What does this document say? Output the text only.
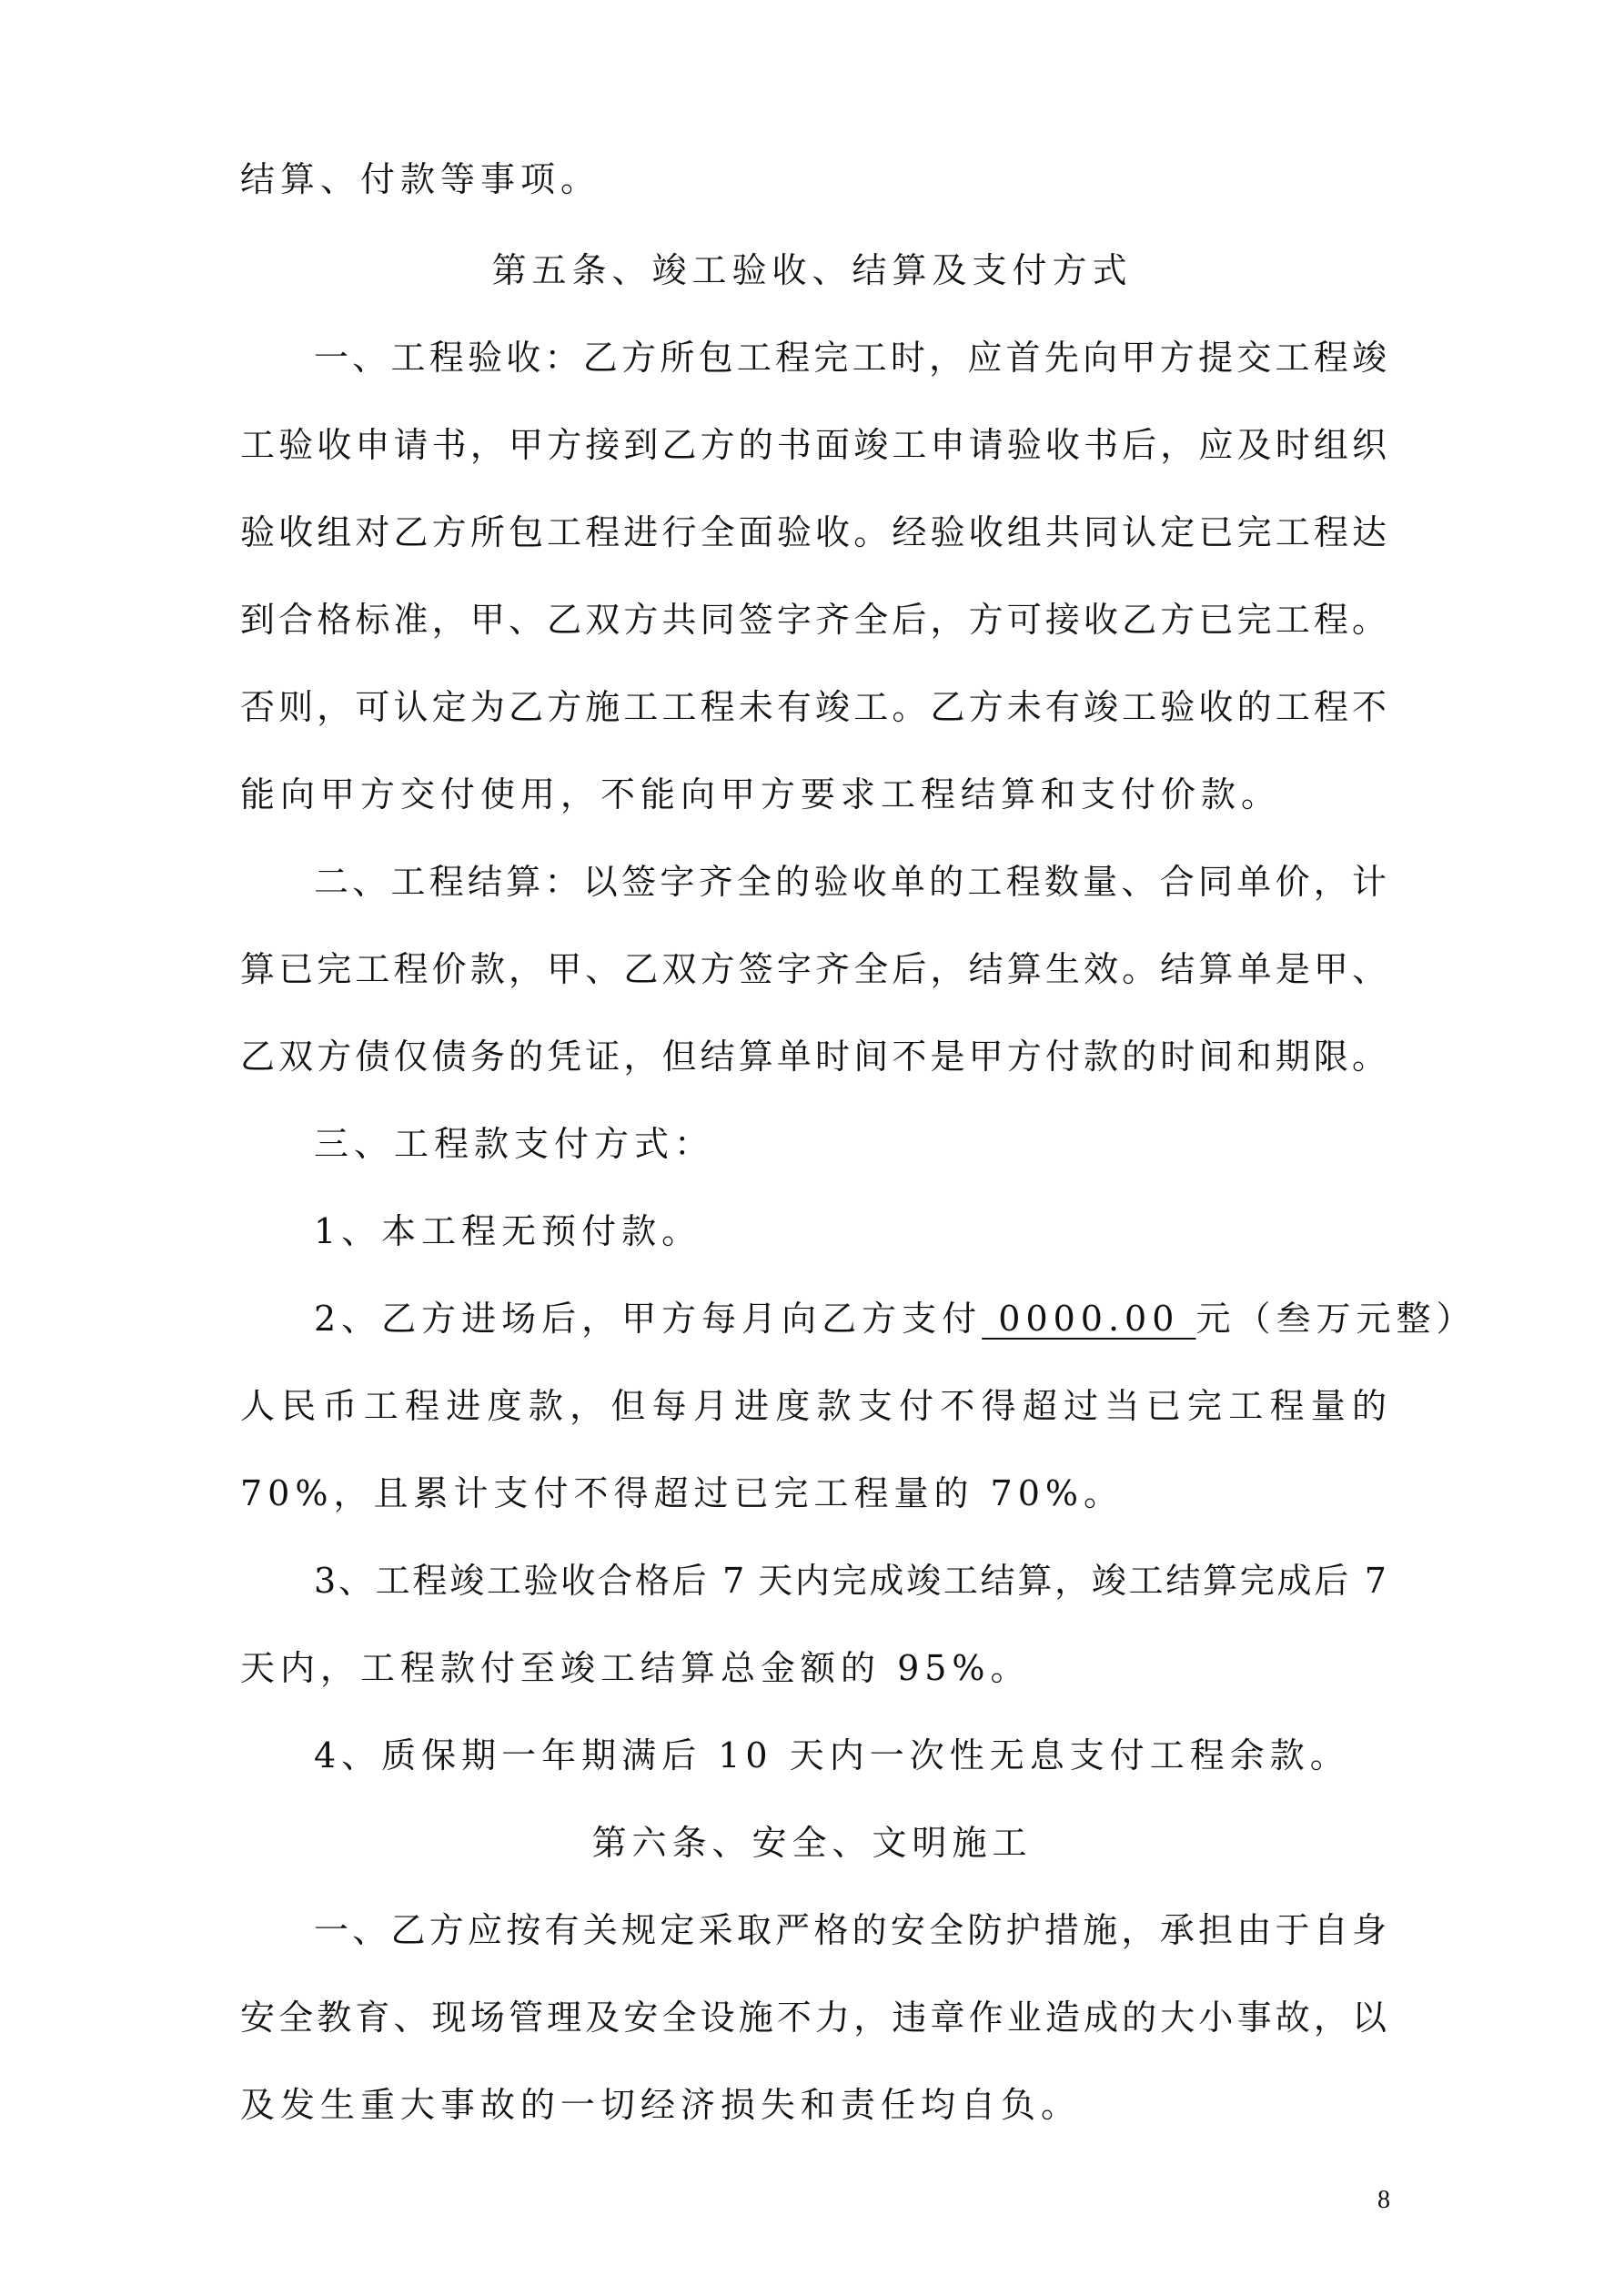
结算、付款等事项。
第五条、竣工验收、结算及支付方式
一、工程验收：乙方所包工程完工时，应首先向甲方提交工程竣
工验收申请书，甲方接到乙方的书面竣工申请验收书后，应及时组织
验收组对乙方所包工程进行全面验收。经验收组共同认定已完工程达
到合格标准，甲、乙双方共同签字齐全后，方可接收乙方已完工程。
否则，可认定为乙方施工工程未有竣工。乙方未有竣工验收的工程不
能向甲方交付使用，不能向甲方要求工程结算和支付价款。
二、工程结算：以签字齐全的验收单的工程数量、合同单价，计
算已完工程价款，甲、乙双方签字齐全后，结算生效。结算单是甲、
乙双方债仅债务的凭证，但结算单时间不是甲方付款的时间和期限。
三、工程款支付方式：
1、本工程无预付款。
2、乙方进场后，甲方每月向乙方支付 0000.00 元（叁万元整）
人民币工程进度款，但每月进度款支付不得超过当已完工程量的
70%，且累计支付不得超过已完工程量的 70%。
3、工程竣工验收合格后 7 天内完成竣工结算，竣工结算完成后 7
天内，工程款付至竣工结算总金额的 95%。
4、质保期一年期满后 10 天内一次性无息支付工程余款。
第六条、安全、文明施工
一、乙方应按有关规定采取严格的安全防护措施，承担由于自身
安全教育、现场管理及安全设施不力，违章作业造成的大小事故，以
及发生重大事故的一切经济损失和责任均自负。
8
